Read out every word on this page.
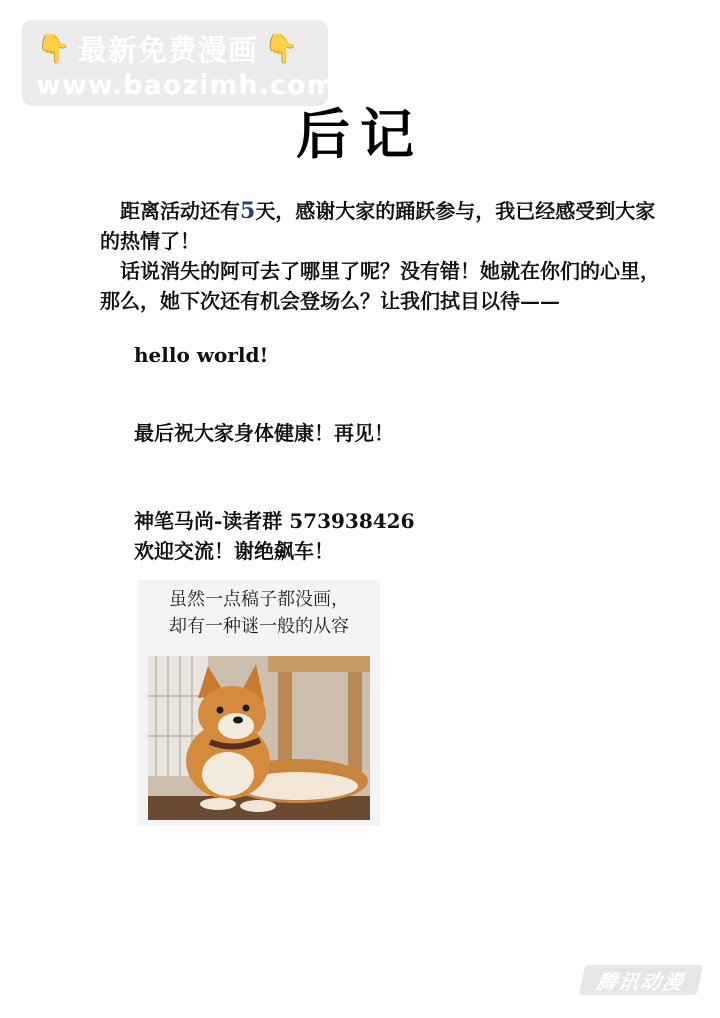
👇 最新免费漫画 👇
www.baozimh.com
后记
距离活动还有5天，感谢大家的踊跃参与，我已经感受到大家的热情了！
话说消失的阿可去了哪里了呢？没有错！她就在你们的心里，那么，她下次还有机会登场么？让我们拭目以待——
hello world!
最后祝大家身体健康！再见！
神笔马尚-读者群 573938426
欢迎交流！谢绝飙车！
虽然一点稿子都没画，
却有一种谜一般的从容
腾讯动漫
